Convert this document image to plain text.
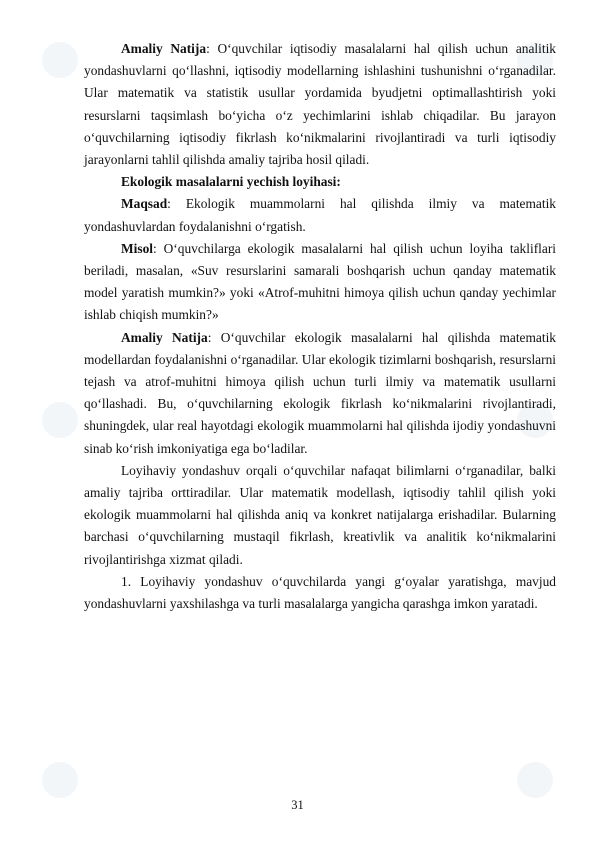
Amaliy Natija: O‘quvchilar iqtisodiy masalalarni hal qilish uchun analitik yondashuvlarni qo‘llashni, iqtisodiy modellarning ishlashini tushunishni o‘rganadilar. Ular matematik va statistik usullar yordamida byudjetni optimallashtirish yoki resurslarni taqsimlash bo‘yicha o‘z yechimlarini ishlab chiqadilar. Bu jarayon o‘quvchilarning iqtisodiy fikrlash ko‘nikmalarini rivojlantiradi va turli iqtisodiy jarayonlarni tahlil qilishda amaliy tajriba hosil qiladi.

Ekologik masalalarni yechish loyihasi:

Maqsad: Ekologik muammolarni hal qilishda ilmiy va matematik yondashuvlardan foydalanishni o‘rgatish.

Misol: O‘quvchilarga ekologik masalalarni hal qilish uchun loyiha takliflari beriladi, masalan, «Suv resurslarini samarali boshqarish uchun qanday matematik model yaratish mumkin?» yoki «Atrof-muhitni himoya qilish uchun qanday yechimlar ishlab chiqish mumkin?»

Amaliy Natija: O‘quvchilar ekologik masalalarni hal qilishda matematik modellardan foydalanishni o‘rganadilar. Ular ekologik tizimlarni boshqarish, resurslarni tejash va atrof-muhitni himoya qilish uchun turli ilmiy va matematik usullarni qo‘llashadi. Bu, o‘quvchilarning ekologik fikrlash ko‘nikmalarini rivojlantiradi, shuningdek, ular real hayotdagi ekologik muammolarni hal qilishda ijodiy yondashuvni sinab ko‘rish imkoniyatiga ega bo‘ladilar.

Loyihaviy yondashuv orqali o‘quvchilar nafaqat bilimlarni o‘rganadilar, balki amaliy tajriba orttiradilar. Ular matematik modellash, iqtisodiy tahlil qilish yoki ekologik muammolarni hal qilishda aniq va konkret natijalarga erishadilar. Bularning barchasi o‘quvchilarning mustaqil fikrlash, kreativlik va analitik ko‘nikmalarini rivojlantirishga xizmat qiladi.

1. Loyihaviy yondashuv o‘quvchilarda yangi g‘oyalar yaratishga, mavjud yondashuvlarni yaxshilashga va turli masalalarga yangicha qarashga imkon yaratadi.

31
